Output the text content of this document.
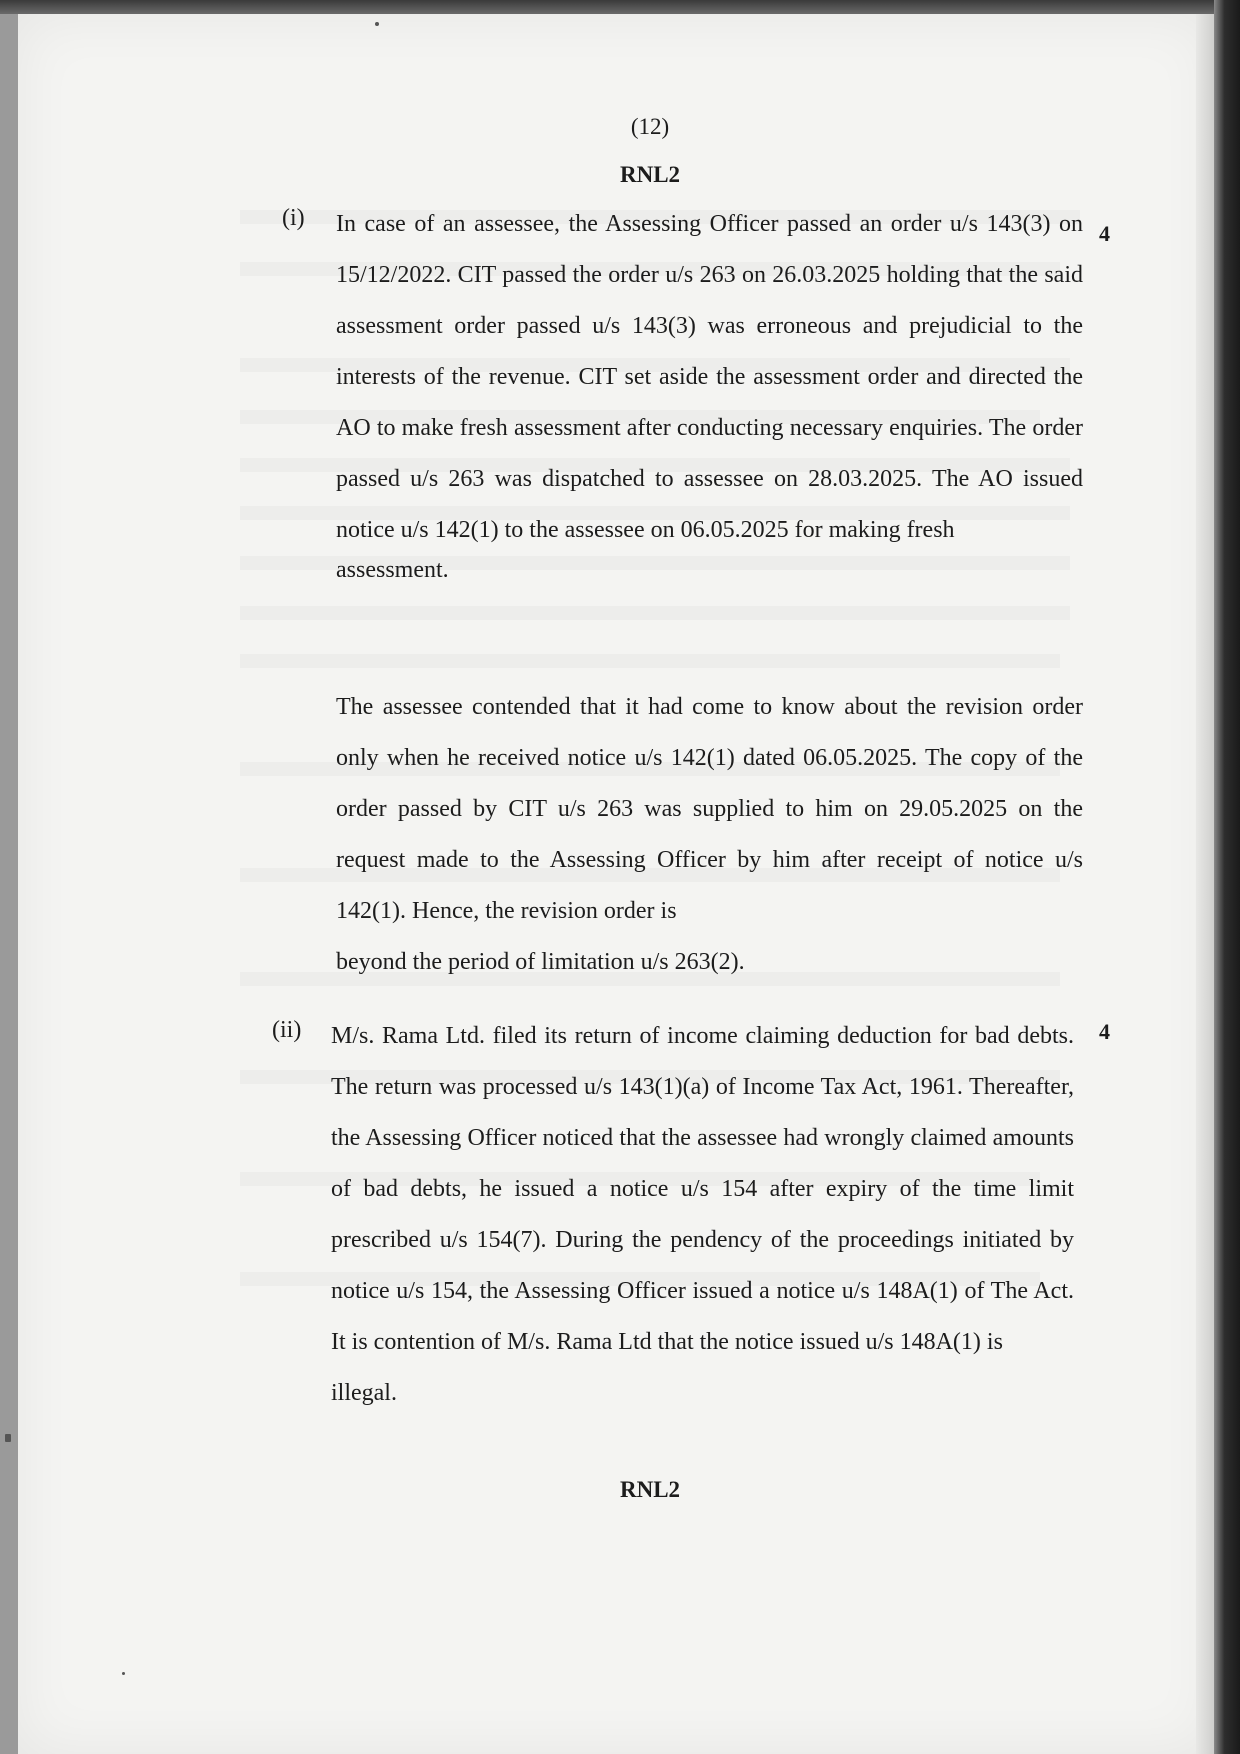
(12)

RNL2

(i)
4

In case of an assessee, the Assessing Officer passed an order u/s 143(3) on 15/12/2022. CIT passed the order u/s 263 on 26.03.2025 holding that the said assessment order passed u/s 143(3) was erroneous and prejudicial to the interests of the revenue. CIT set aside the assessment order and directed the AO to make fresh assessment after conducting necessary enquiries. The order passed u/s 263 was dispatched to assessee on 28.03.2025. The AO issued notice u/s 142(1) to the assessee on 06.05.2025 for making fresh
assessment.

The assessee contended that it had come to know about the revision order only when he received notice u/s 142(1) dated 06.05.2025. The copy of the order passed by CIT u/s 263 was supplied to him on 29.05.2025 on the request made to the Assessing Officer by him after receipt of notice u/s 142(1). Hence, the revision order is
beyond the period of limitation u/s 263(2).

(ii)	4

M/s. Rama Ltd. filed its return of income claiming deduction for bad debts. The return was processed u/s 143(1)(a) of Income Tax Act, 1961. Thereafter, the Assessing Officer noticed that the assessee had wrongly claimed amounts of bad debts, he issued a notice u/s 154 after expiry of the time limit prescribed u/s 154(7). During the pendency of the proceedings initiated by notice u/s 154, the Assessing Officer issued a notice u/s 148A(1) of The Act. It is contention of M/s. Rama Ltd that the notice issued u/s 148A(1) is
illegal.

RNL2
